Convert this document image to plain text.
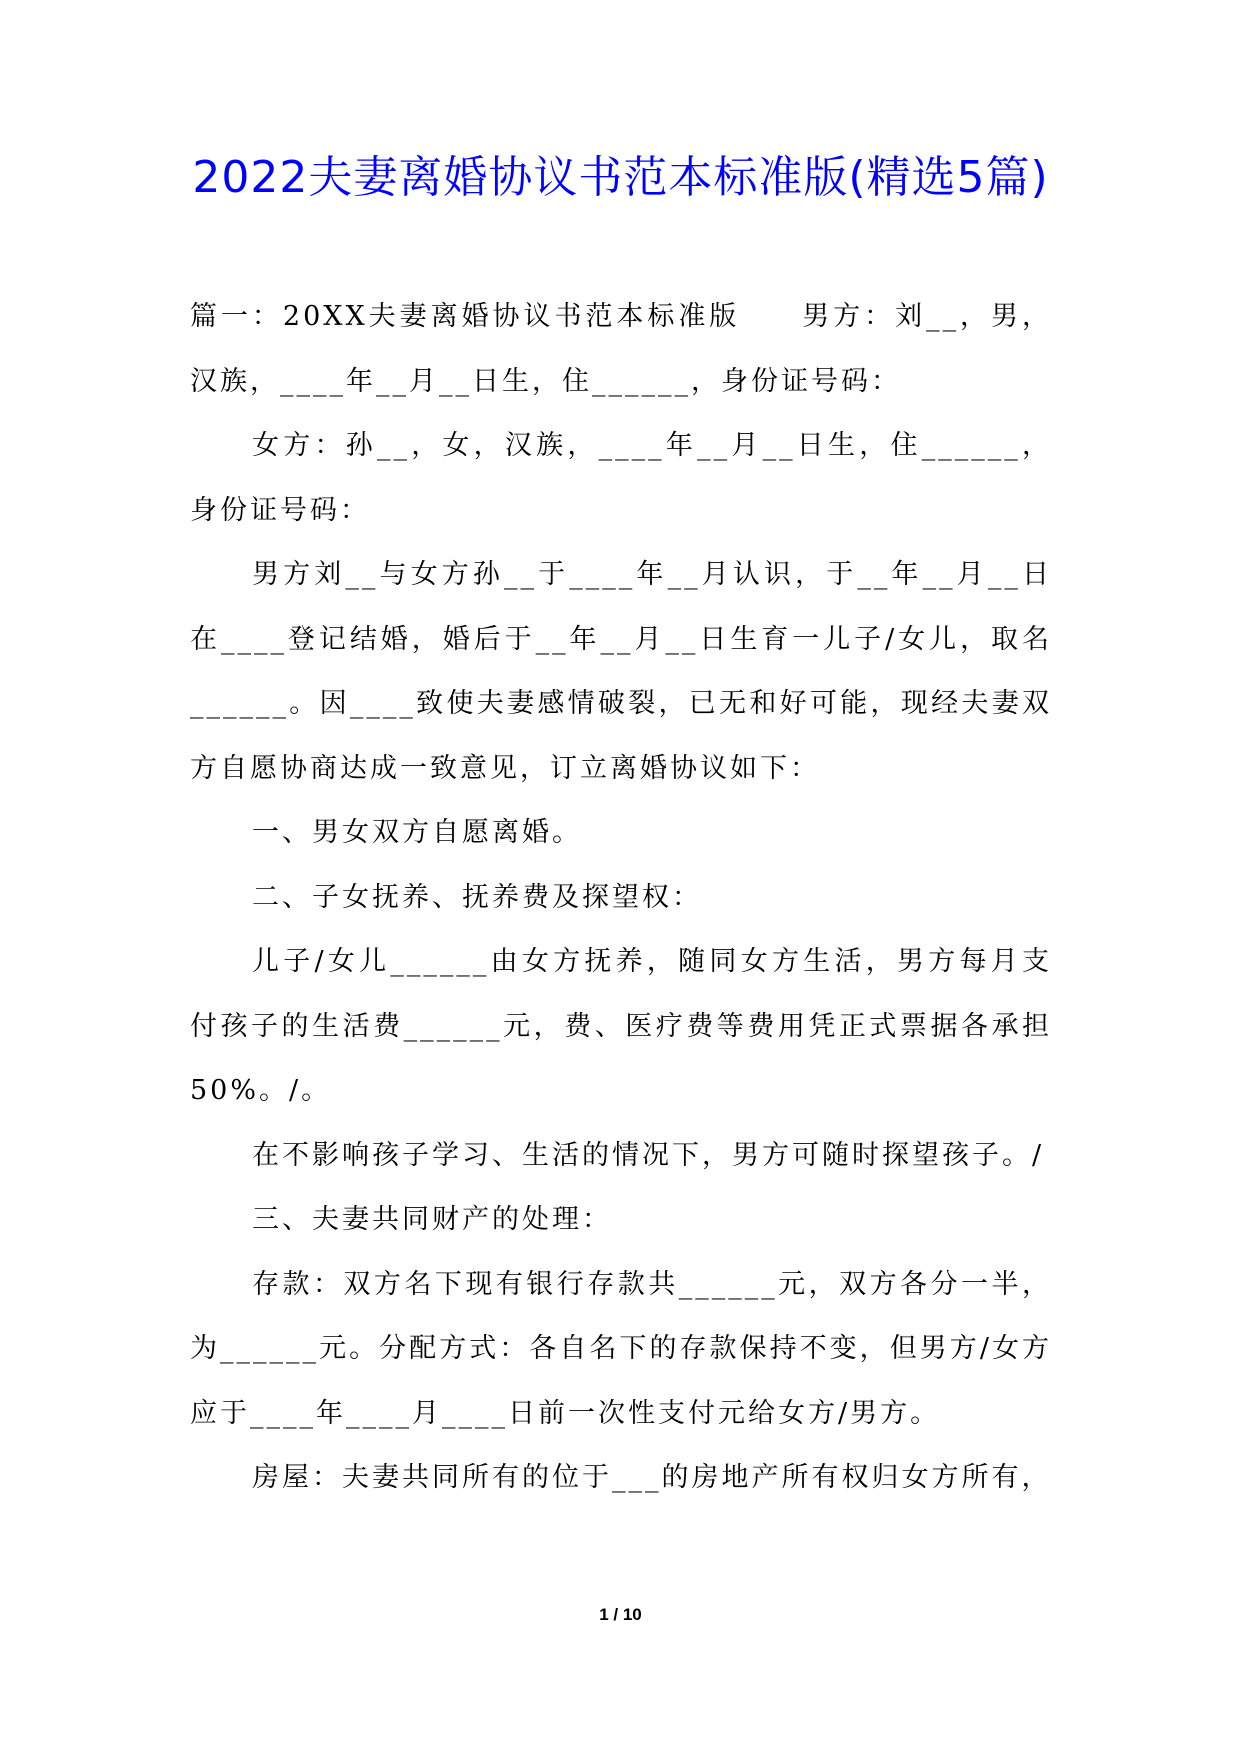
2022夫妻离婚协议书范本标准版(精选5篇)

篇一：20XX夫妻离婚协议书范本标准版　　男方：刘__，男，汉族，____年__月__日生，住______，身份证号码：

女方：孙__，女，汉族，____年__月__日生，住______，身份证号码：

男方刘__与女方孙__于____年__月认识，于__年__月__日在____登记结婚，婚后于__年__月__日生育一儿子/女儿，取名______。因____致使夫妻感情破裂，已无和好可能，现经夫妻双方自愿协商达成一致意见，订立离婚协议如下：

一、男女双方自愿离婚。

二、子女抚养、抚养费及探望权：

儿子/女儿______由女方抚养，随同女方生活，男方每月支付孩子的生活费______元，费、医疗费等费用凭正式票据各承担50%。/。

在不影响孩子学习、生活的情况下，男方可随时探望孩子。/

三、夫妻共同财产的处理：

存款：双方名下现有银行存款共______元，双方各分一半，为______元。分配方式：各自名下的存款保持不变，但男方/女方应于____年____月____日前一次性支付元给女方/男方。

房屋：夫妻共同所有的位于___的房地产所有权归女方所有，

1 / 10
